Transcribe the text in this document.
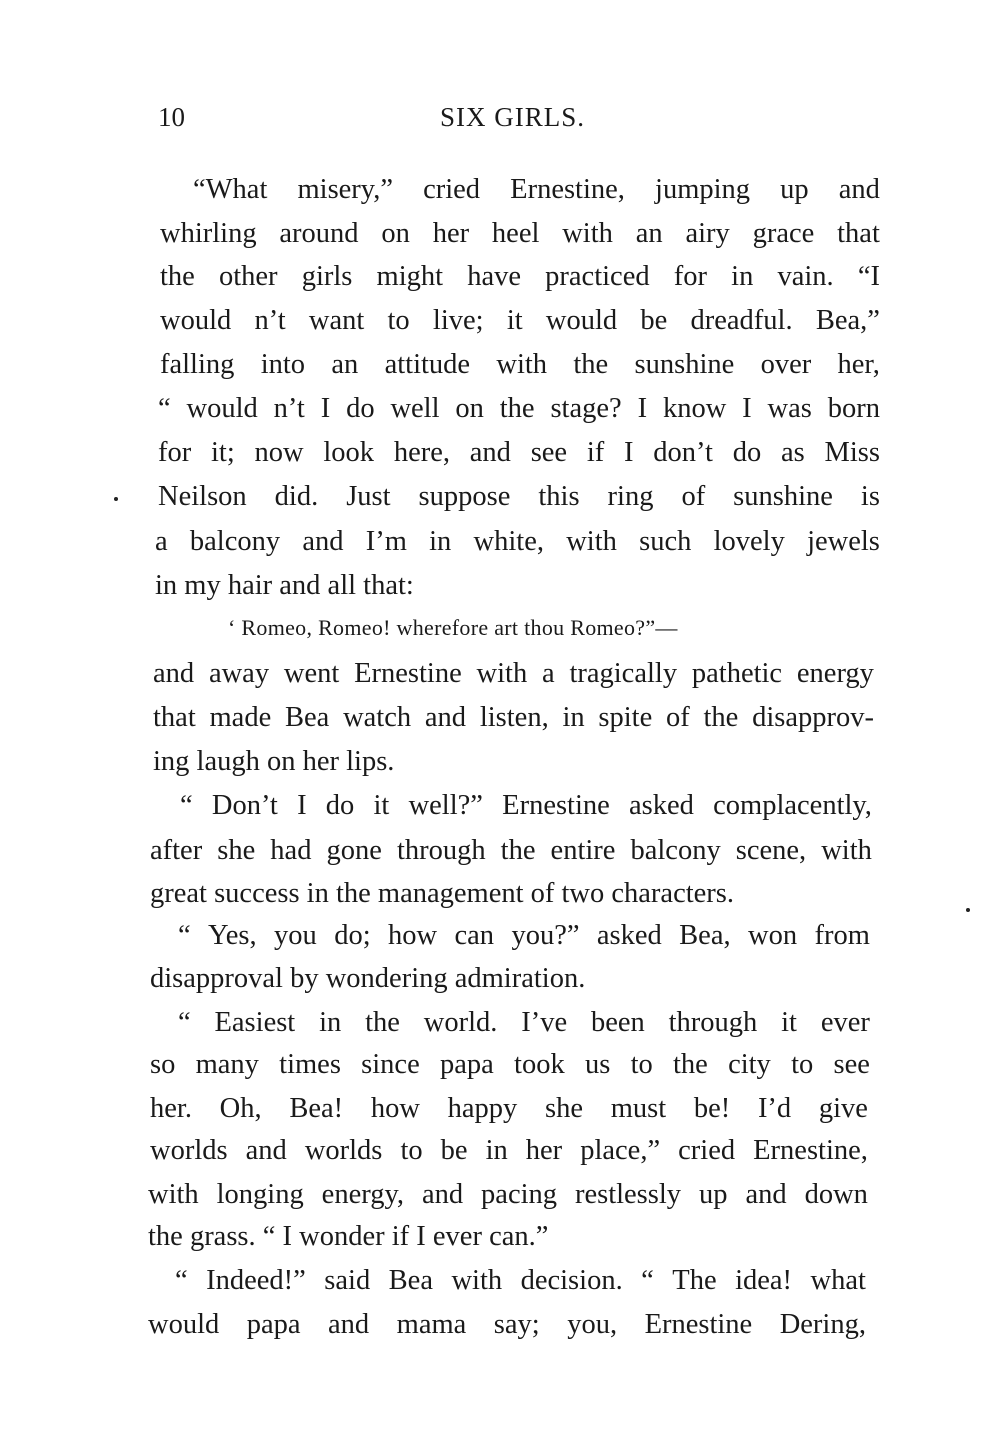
10	SIX GIRLS.
“What misery,” cried Ernestine, jumping up and
whirling around on her heel with an airy grace that
the other girls might have practiced for in vain. “I
would n’t want to live; it would be dreadful. Bea,”
falling into an attitude with the sunshine over her,
“ would n’t I do well on the stage? I know I was born
for it; now look here, and see if I don’t do as Miss
Neilson did. Just suppose this ring of sunshine is
a balcony and I’m in white, with such lovely jewels
in my hair and all that:
and away went Ernestine with a tragically pathetic energy
that made Bea watch and listen, in spite of the disapprov-
ing laugh on her lips.
“ Don’t I do it well?” Ernestine asked complacently,
after she had gone through the entire balcony scene, with
great success in the management of two characters.
“ Yes, you do; how can you?” asked Bea, won from
disapproval by wondering admiration.
“ Easiest in the world. I’ve been through it ever
so many times since papa took us to the city to see
her. Oh, Bea! how happy she must be! I’d give
worlds and worlds to be in her place,” cried Ernestine,
with longing energy, and pacing restlessly up and down
the grass. “ I wonder if I ever can.”
“ Indeed!” said Bea with decision. “ The idea! what
would papa and mama say; you, Ernestine Dering,
‘ Romeo, Romeo! wherefore art thou Romeo?”—
